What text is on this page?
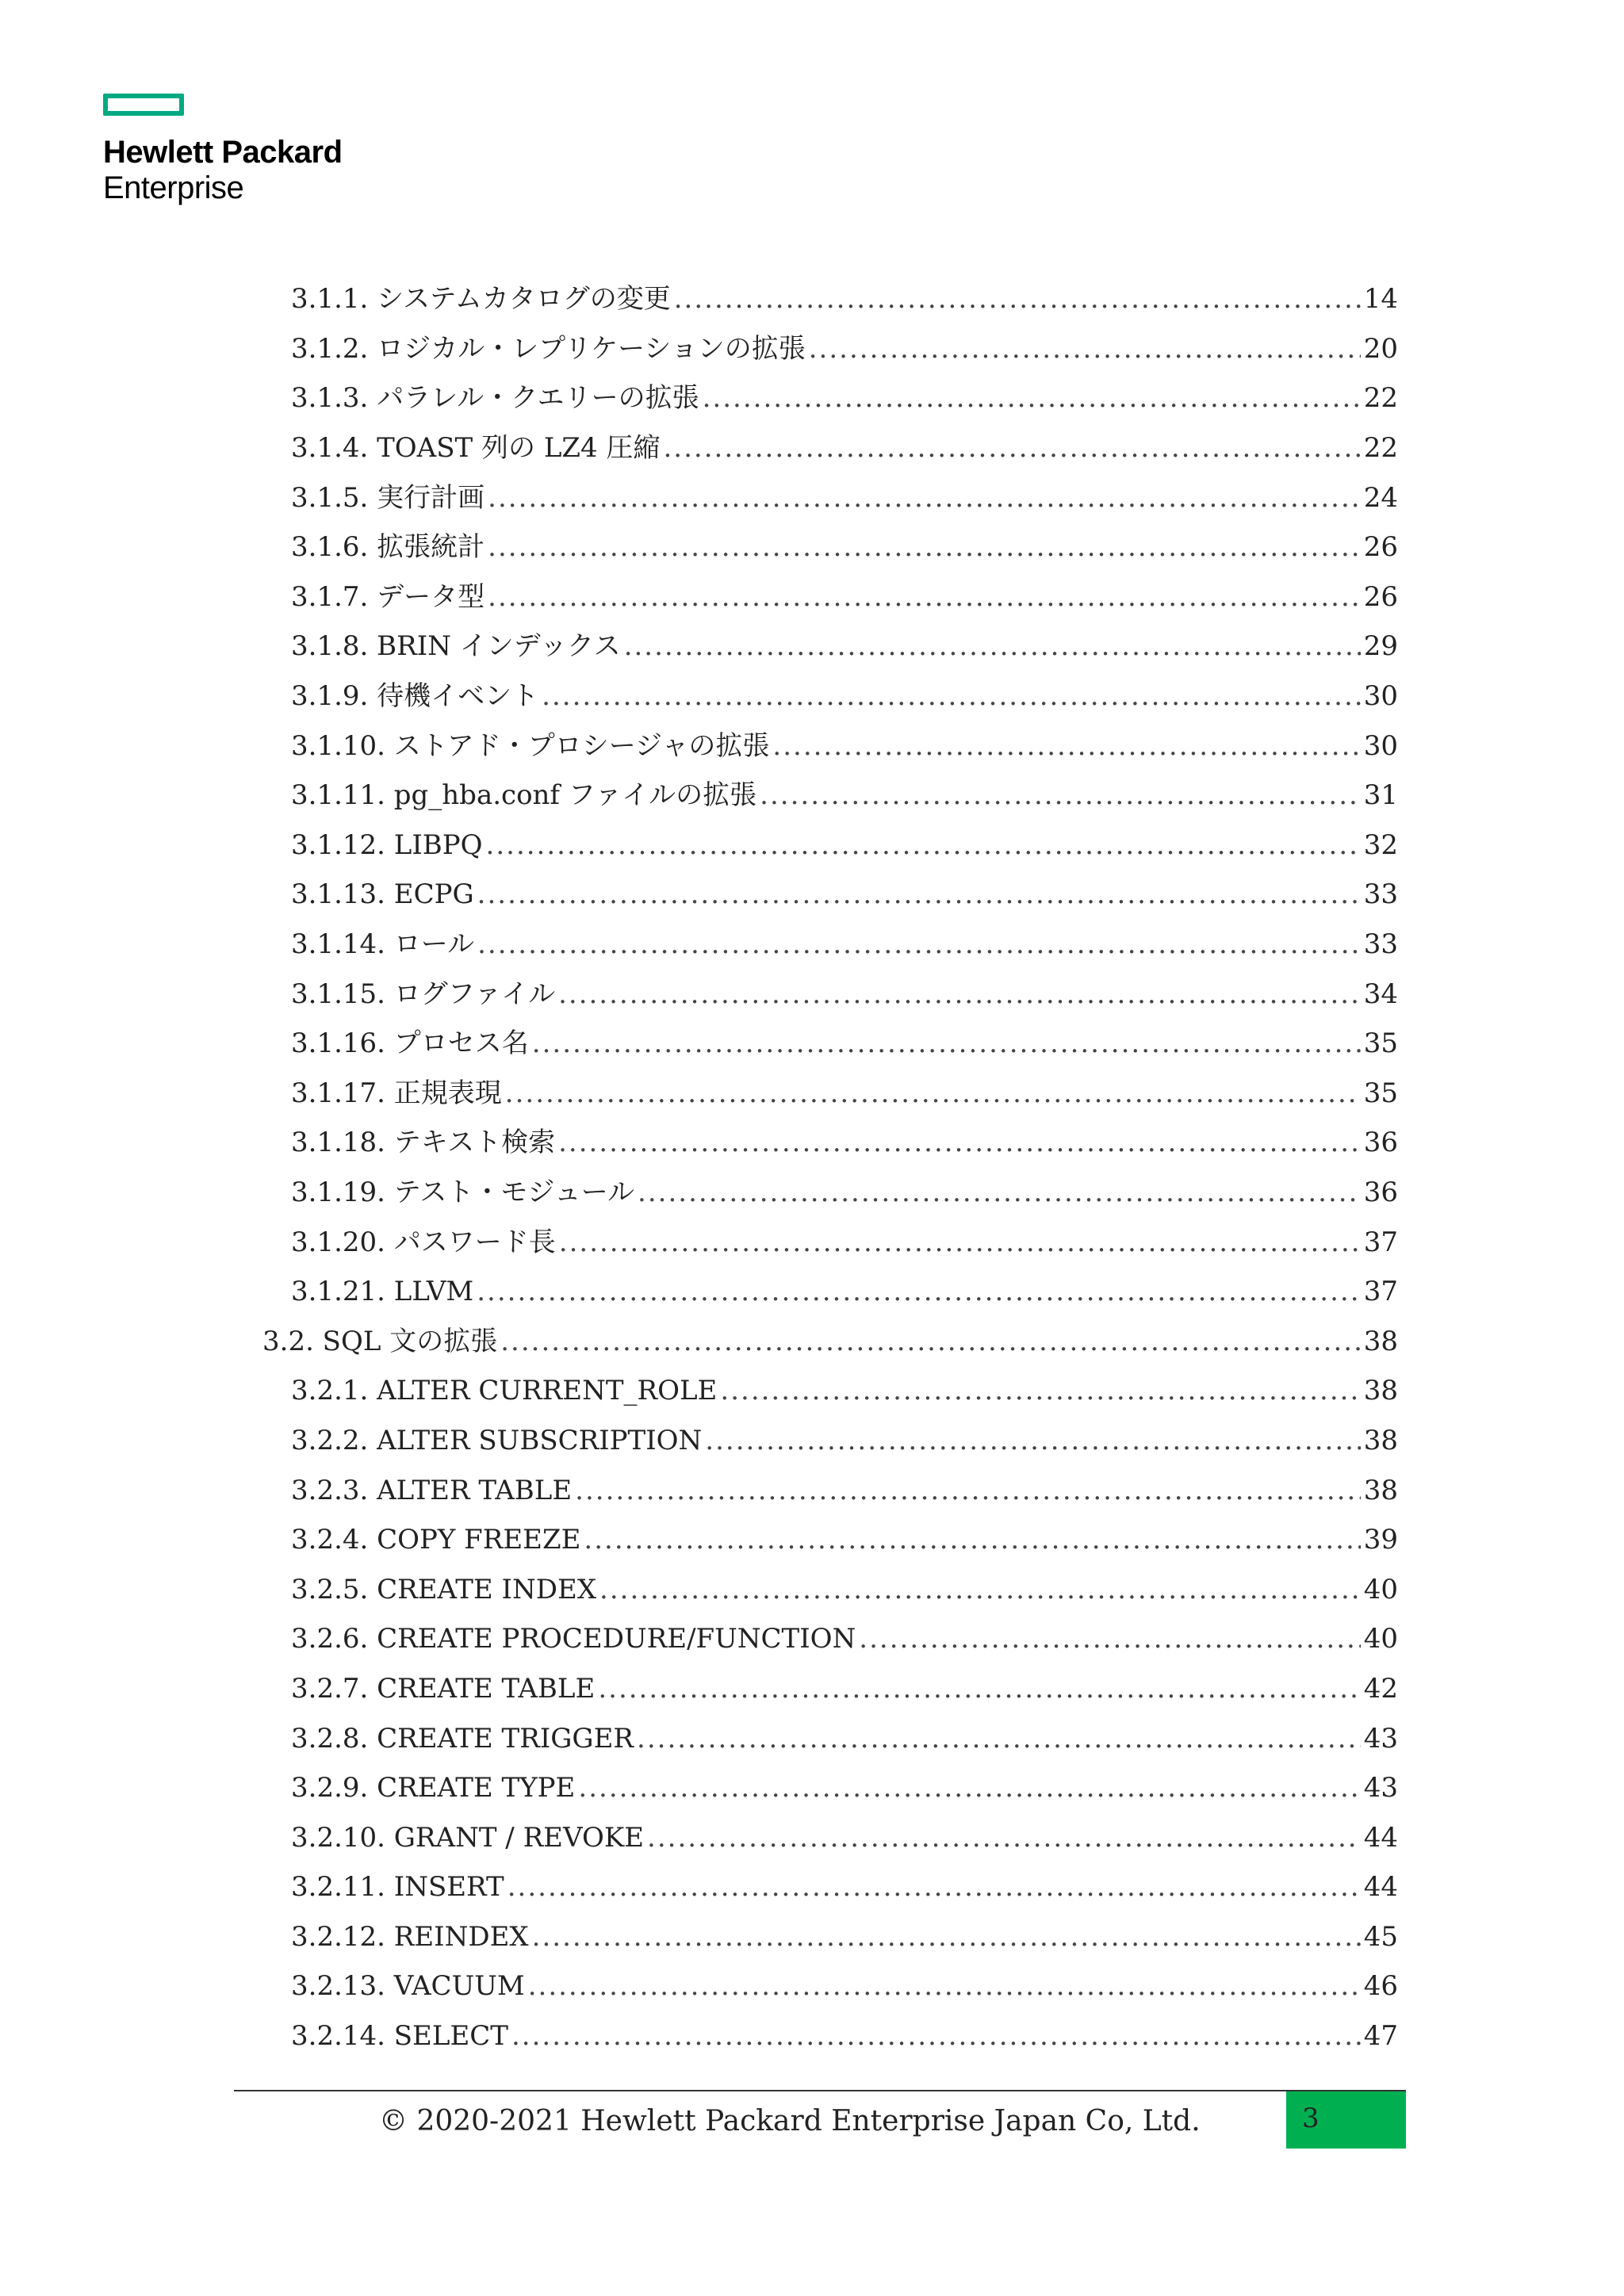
Hewlett Packard
Enterprise
3.1.1. システムカタログの変更 .....	14
3.1.2. ロジカル・レプリケーションの拡張 .....	20
3.1.3. パラレル・クエリーの拡張 .....	22
3.1.4. TOAST 列の LZ4 圧縮 .....	22
3.1.5. 実行計画 .....	24
3.1.6. 拡張統計 .....	26
3.1.7. データ型 .....	26
3.1.8. BRIN インデックス .....	29
3.1.9. 待機イベント .....	30
3.1.10. ストアド・プロシージャの拡張 .....	30
3.1.11. pg_hba.conf ファイルの拡張 .....	31
3.1.12. LIBPQ .....	32
3.1.13. ECPG .....	33
3.1.14. ロール .....	33
3.1.15. ログファイル .....	34
3.1.16. プロセス名 .....	35
3.1.17. 正規表現 .....	35
3.1.18. テキスト検索 .....	36
3.1.19. テスト・モジュール .....	36
3.1.20. パスワード長 .....	37
3.1.21. LLVM .....	37
3.2. SQL 文の拡張 .....	38
3.2.1. ALTER CURRENT_ROLE .....	38
3.2.2. ALTER SUBSCRIPTION .....	38
3.2.3. ALTER TABLE .....	38
3.2.4. COPY FREEZE .....	39
3.2.5. CREATE INDEX .....	40
3.2.6. CREATE PROCEDURE/FUNCTION .....	40
3.2.7. CREATE TABLE .....	42
3.2.8. CREATE TRIGGER .....	43
3.2.9. CREATE TYPE .....	43
3.2.10. GRANT / REVOKE .....	44
3.2.11. INSERT .....	44
3.2.12. REINDEX .....	45
3.2.13. VACUUM .....	46
3.2.14. SELECT .....	47
© 2020-2021 Hewlett Packard Enterprise Japan Co, Ltd.	3
